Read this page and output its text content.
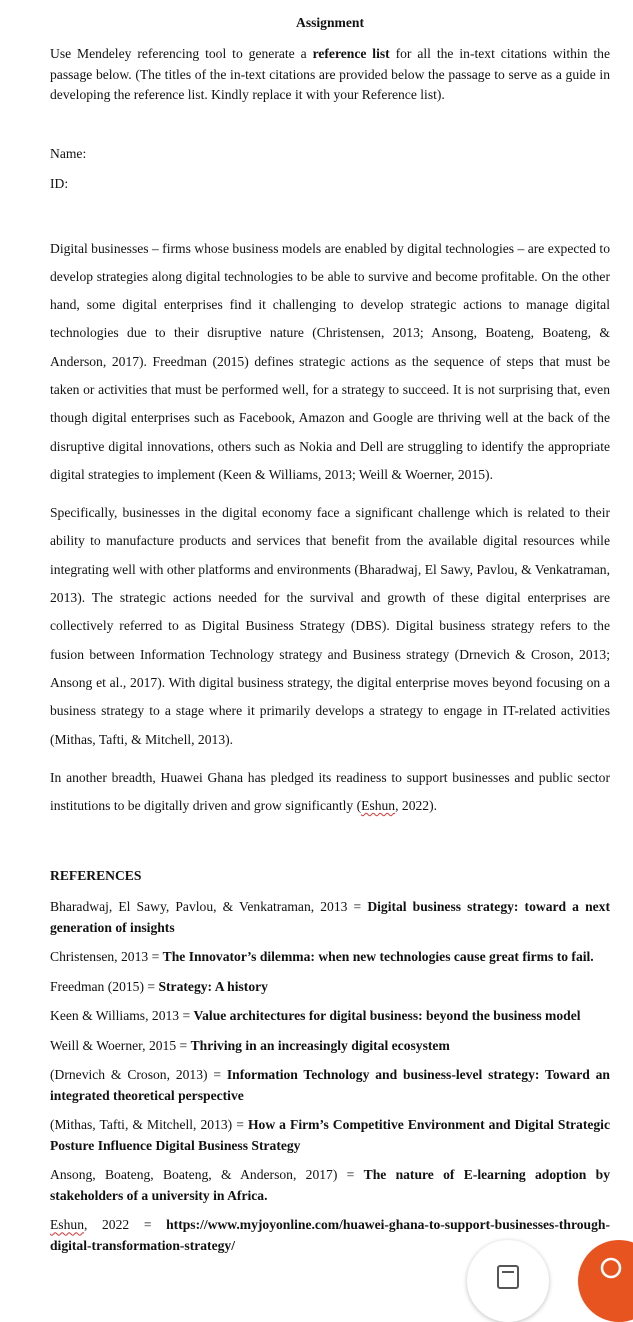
Assignment
Use Mendeley referencing tool to generate a reference list for all the in-text citations within the passage below. (The titles of the in-text citations are provided below the passage to serve as a guide in developing the reference list. Kindly replace it with your Reference list).
Name:
ID:

Digital businesses – firms whose business models are enabled by digital technologies – are expected to develop strategies along digital technologies to be able to survive and become profitable. On the other hand, some digital enterprises find it challenging to develop strategic actions to manage digital technologies due to their disruptive nature (Christensen, 2013; Ansong, Boateng, Boateng, & Anderson, 2017). Freedman (2015) defines strategic actions as the sequence of steps that must be taken or activities that must be performed well, for a strategy to succeed. It is not surprising that, even though digital enterprises such as Facebook, Amazon and Google are thriving well at the back of the disruptive digital innovations, others such as Nokia and Dell are struggling to identify the appropriate digital strategies to implement (Keen & Williams, 2013; Weill & Woerner, 2015).

Specifically, businesses in the digital economy face a significant challenge which is related to their ability to manufacture products and services that benefit from the available digital resources while integrating well with other platforms and environments (Bharadwaj, El Sawy, Pavlou, & Venkatraman, 2013). The strategic actions needed for the survival and growth of these digital enterprises are collectively referred to as Digital Business Strategy (DBS). Digital business strategy refers to the fusion between Information Technology strategy and Business strategy (Drnevich & Croson, 2013; Ansong et al., 2017). With digital business strategy, the digital enterprise moves beyond focusing on a business strategy to a stage where it primarily develops a strategy to engage in IT-related activities (Mithas, Tafti, & Mitchell, 2013).

In another breadth, Huawei Ghana has pledged its readiness to support businesses and public sector institutions to be digitally driven and grow significantly (Eshun, 2022).

REFERENCES

Bharadwaj, El Sawy, Pavlou, & Venkatraman, 2013 = Digital business strategy: toward a next generation of insights

Christensen, 2013 = The Innovator’s dilemma: when new technologies cause great firms to fail.

Freedman (2015) = Strategy: A history

Keen & Williams, 2013 = Value architectures for digital business: beyond the business model

Weill & Woerner, 2015 = Thriving in an increasingly digital ecosystem

(Drnevich & Croson, 2013) = Information Technology and business-level strategy: Toward an integrated theoretical perspective

(Mithas, Tafti, & Mitchell, 2013) = How a Firm’s Competitive Environment and Digital Strategic Posture Influence Digital Business Strategy

Ansong, Boateng, Boateng, & Anderson, 2017) = The nature of E-learning adoption by stakeholders of a university in Africa.

Eshun, 2022 = https://www.myjoyonline.com/huawei-ghana-to-support-businesses-through-digital-transformation-strategy/
